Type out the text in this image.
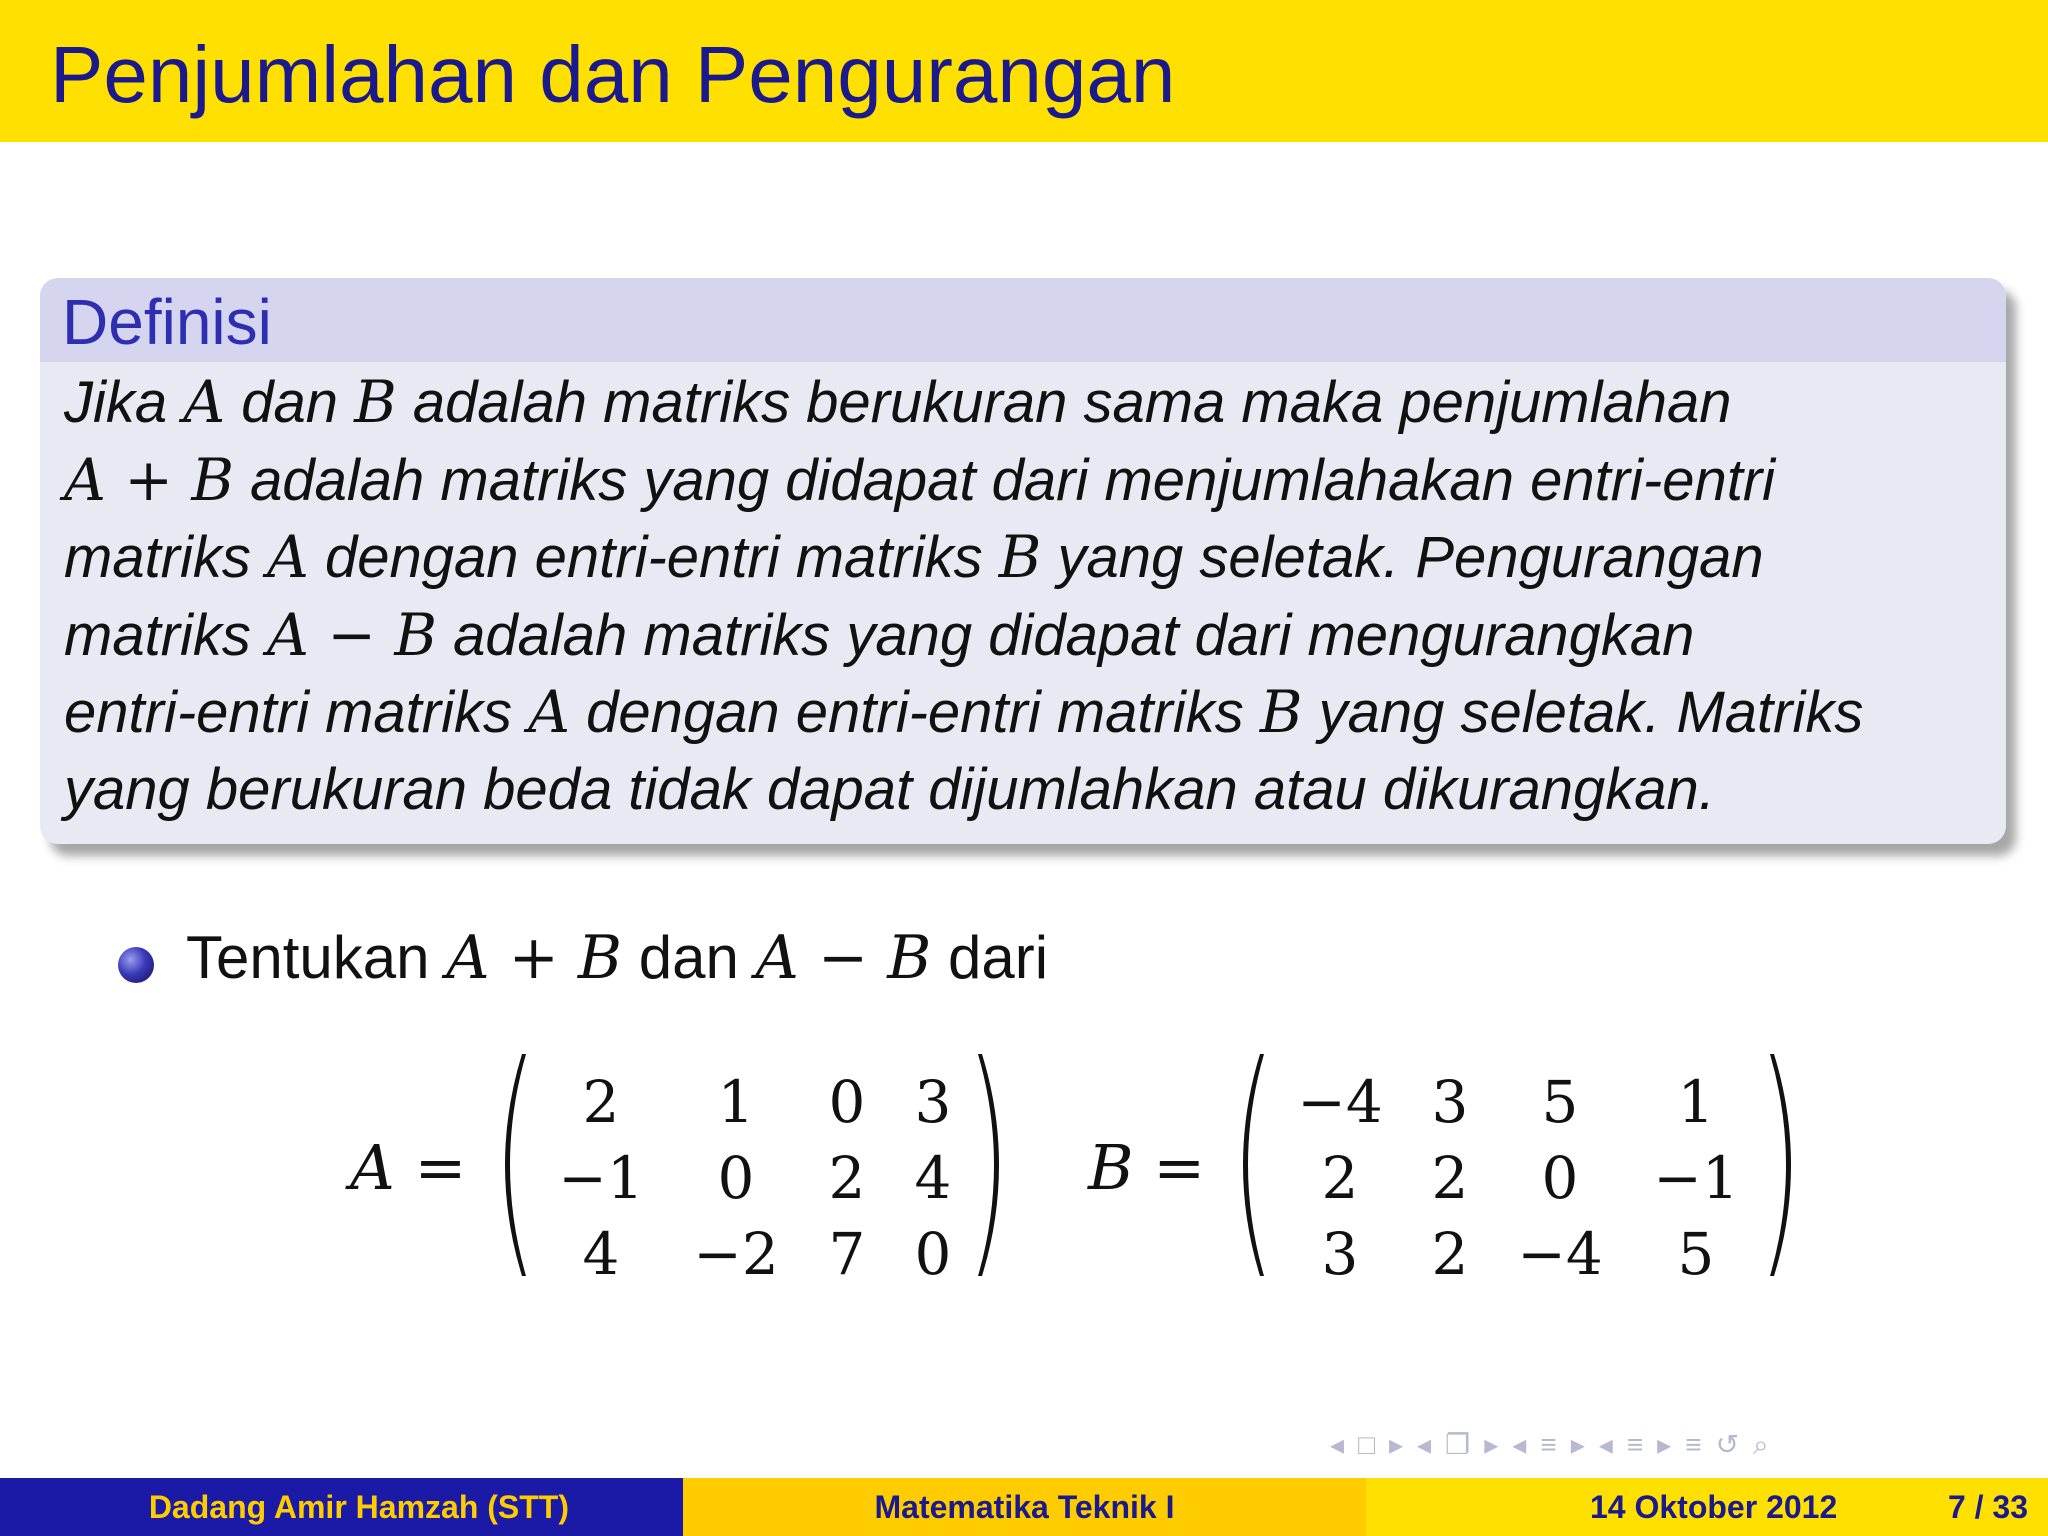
Penjumlahan dan Pengurangan
Definisi

Jika A dan B adalah matriks berukuran sama maka penjumlahan

A + B adalah matriks yang didapat dari menjumlahakan entri-entri

matriks A dengan entri-entri matriks B yang seletak. Pengurangan

matriks A − B adalah matriks yang didapat dari mengurangkan

entri-entri matriks A dengan entri-entri matriks B yang seletak. Matriks

yang berukuran beda tidak dapat dijumlahkan atau dikurangkan.

Tentukan A + B dan A − B dari
A =
2	1	0 3
−1	0	2 4
4	−2 7 0
B =
−4 3	5	1
2	2	0	−1
3	2 −4	5
◂ □ ▸ ◂ ❐ ▸ ◂ ≡ ▸ ◂ ≡ ▸ ≡ ↺ ⌕
Dadang Amir Hamzah (STT)	Matematika Teknik I	14 Oktober 2012	7 / 33
